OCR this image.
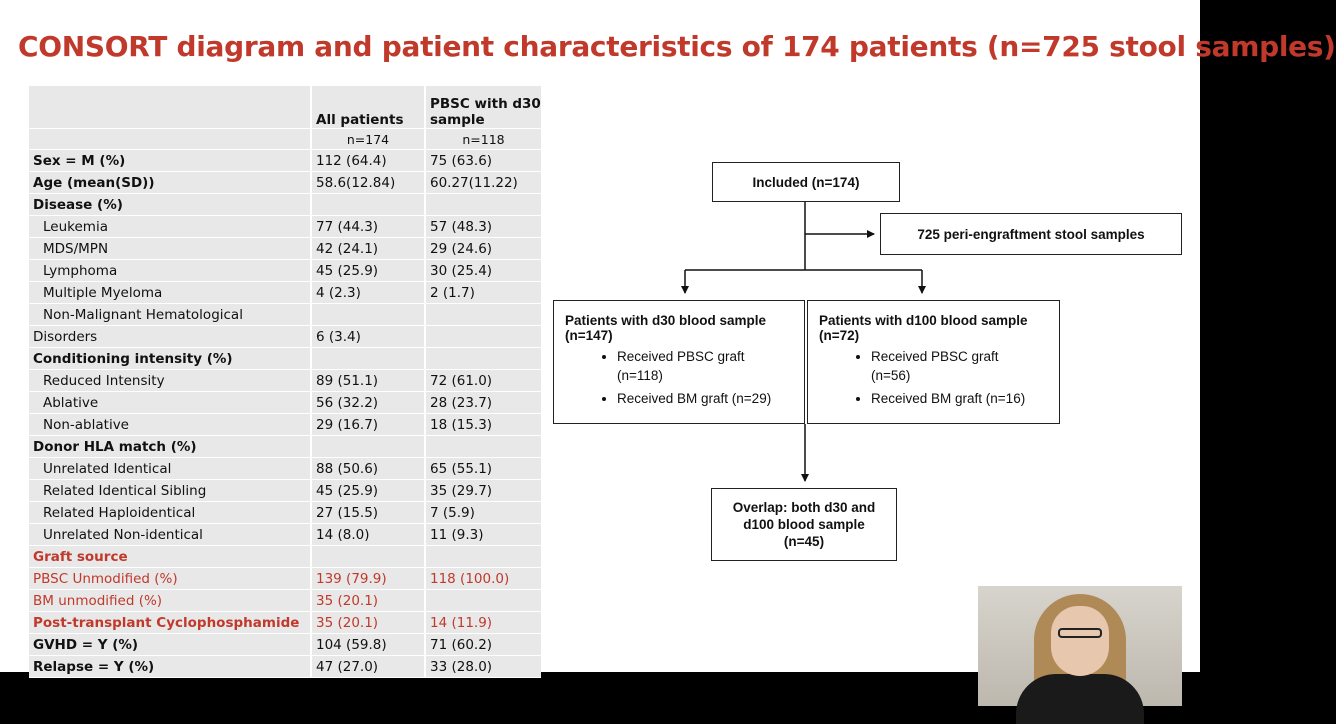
CONSORT diagram and patient characteristics of 174 patients (n=725 stool samples)
	All patients	PBSC with d30
sample
	n=174	n=118
Sex = M (%)	112 (64.4)	75 (63.6)
Age (mean(SD))	58.6(12.84)	60.27(11.22)
Disease (%)		
Leukemia	77 (44.3)	57 (48.3)
MDS/MPN	42 (24.1)	29 (24.6)
Lymphoma	45 (25.9)	30 (25.4)
Multiple Myeloma	4 (2.3)	2 (1.7)
Non-Malignant Hematological		
Disorders	6 (3.4)	
Conditioning intensity (%)		
Reduced Intensity	89 (51.1)	72 (61.0)
Ablative	56 (32.2)	28 (23.7)
Non-ablative	29 (16.7)	18 (15.3)
Donor HLA match (%)		
Unrelated Identical	88 (50.6)	65 (55.1)
Related Identical Sibling	45 (25.9)	35 (29.7)
Related Haploidentical	27 (15.5)	7 (5.9)
Unrelated Non-identical	14 (8.0)	11 (9.3)
Graft source		
PBSC Unmodified (%)	139 (79.9)	118 (100.0)
BM unmodified (%)	35 (20.1)	
Post-transplant Cyclophosphamide	35 (20.1)	14 (11.9)
GVHD = Y (%)	104 (59.8)	71 (60.2)
Relapse = Y (%)	47 (27.0)	33 (28.0)
Included (n=174)
725 peri-engraftment stool samples
Patients with d30 blood sample
(n=147)
• Received PBSC graft
(n=118)
• Received BM graft (n=29)
Patients with d100 blood sample
(n=72)
• Received PBSC graft
(n=56)
• Received BM graft (n=16)
Overlap: both d30 and
d100 blood sample
(n=45)
